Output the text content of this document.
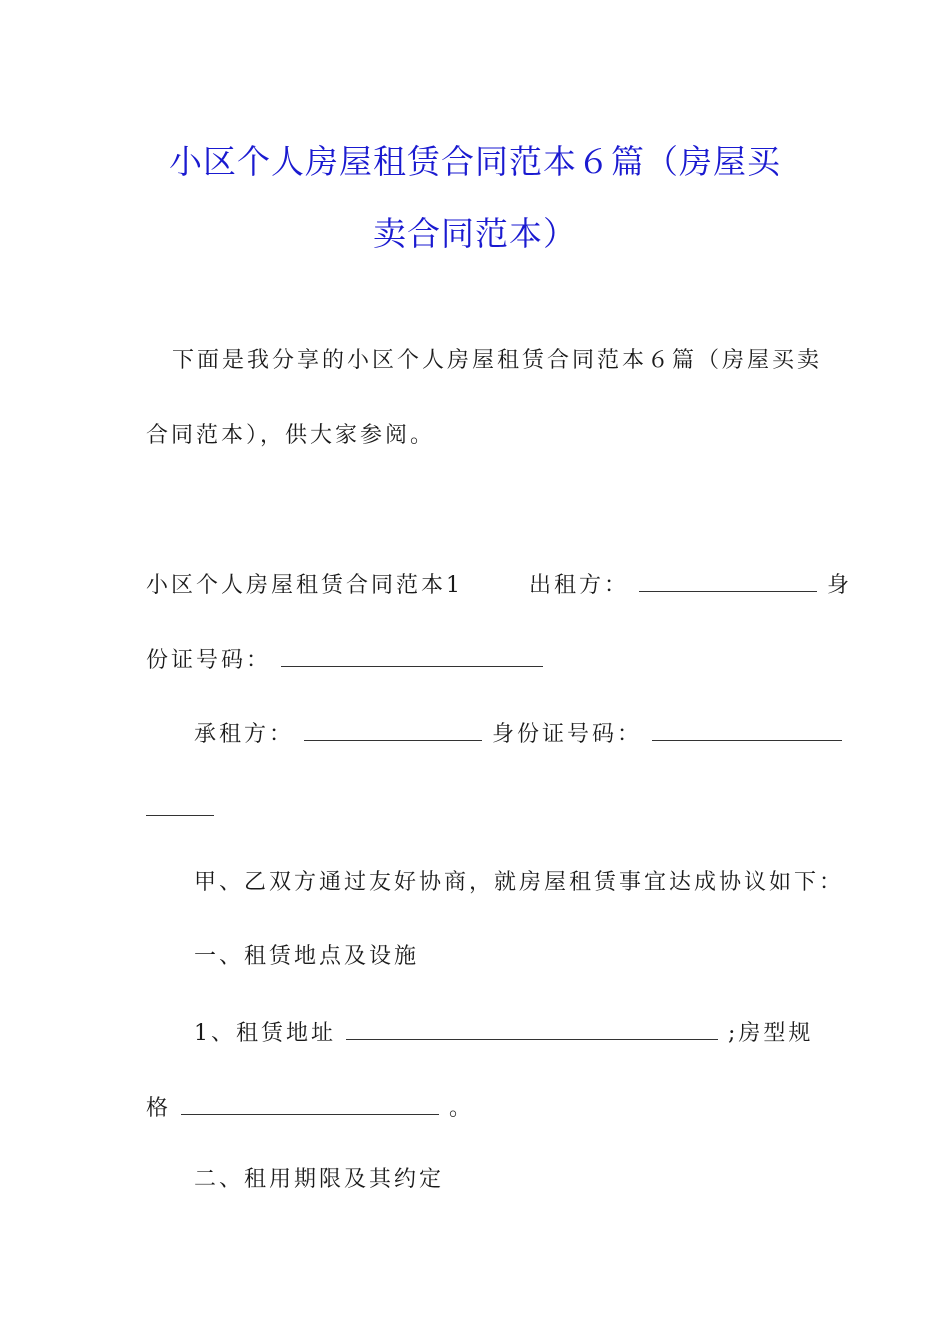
小区个人房屋租赁合同范本６篇（房屋买
卖合同范本）
下面是我分享的小区个人房屋租赁合同范本６篇（房屋买卖
合同范本），供大家参阅。
小区个人房屋租赁合同范本1	出租方：	身
份证号码：
承租方：	身份证号码：
甲、乙双方通过友好协商，就房屋租赁事宜达成协议如下：
一、租赁地点及设施
1、租赁地址	;房型规
格	。
二、租用期限及其约定
